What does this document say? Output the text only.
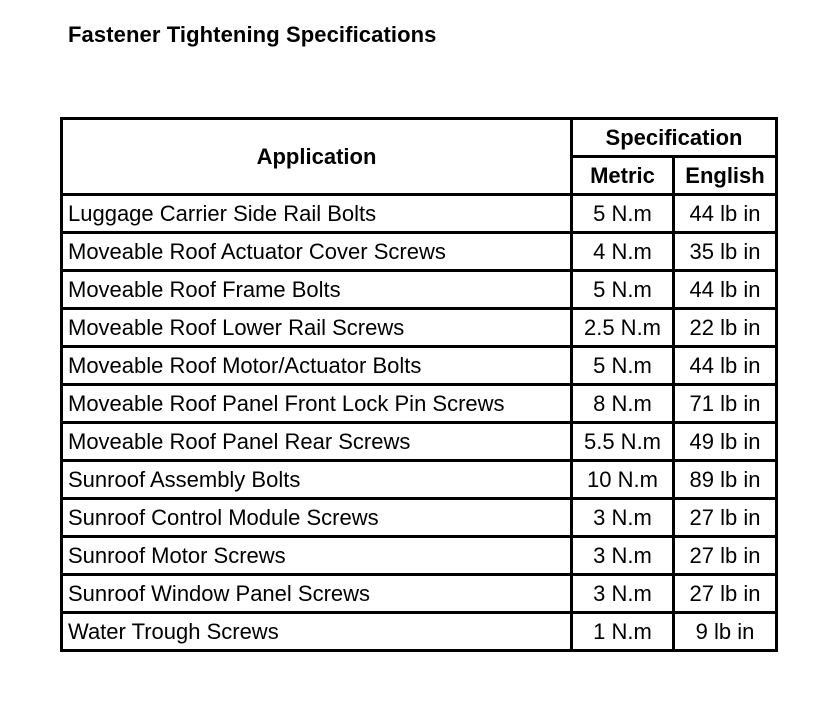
Fastener Tightening Specifications
Application	Specification	
	Metric	English
Luggage Carrier Side Rail Bolts	5 N.m	44 lb in
Moveable Roof Actuator Cover Screws	4 N.m	35 lb in
Moveable Roof Frame Bolts	5 N.m	44 lb in
Moveable Roof Lower Rail Screws	2.5 N.m	22 lb in
Moveable Roof Motor/Actuator Bolts	5 N.m	44 lb in
Moveable Roof Panel Front Lock Pin Screws	8 N.m	71 lb in
Moveable Roof Panel Rear Screws	5.5 N.m	49 lb in
Sunroof Assembly Bolts	10 N.m	89 lb in
Sunroof Control Module Screws	3 N.m	27 lb in
Sunroof Motor Screws	3 N.m	27 lb in
Sunroof Window Panel Screws	3 N.m	27 lb in
Water Trough Screws	1 N.m	9 lb in
